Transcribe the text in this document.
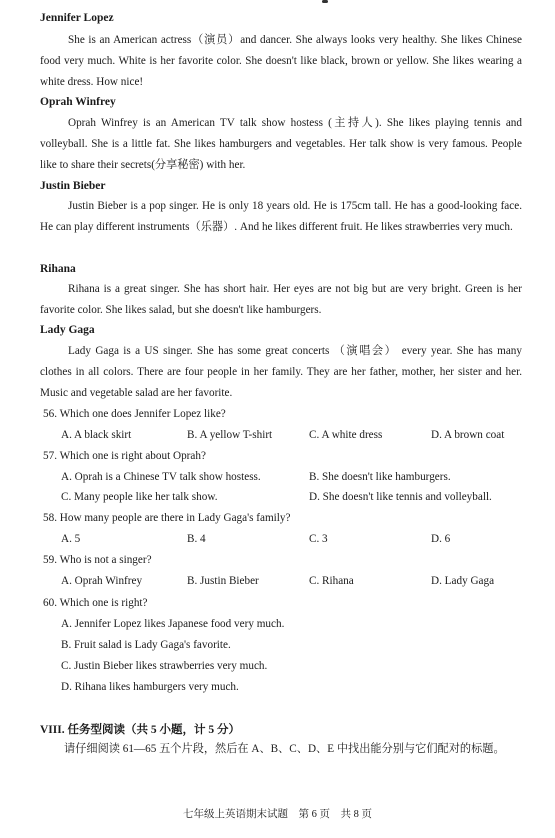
Jennifer Lopez
She is an American actress（演员）and dancer. She always looks very healthy. She likes Chinese food very much. White is her favorite color. She doesn't like black, brown or yellow. She likes wearing a white dress. How nice!
Oprah Winfrey
Oprah Winfrey is an American TV talk show hostess (主持人). She likes playing tennis and volleyball. She is a little fat. She likes hamburgers and vegetables. Her talk show is very famous. People like to share their secrets(分享秘密) with her.
Justin Bieber
Justin Bieber is a pop singer. He is only 18 years old. He is 175cm tall. He has a good-looking face. He can play different instruments（乐器）. And he likes different fruit. He likes strawberries very much.
Rihana
Rihana is a great singer. She has short hair. Her eyes are not big but are very bright. Green is her favorite color. She likes salad, but she doesn't like hamburgers.
Lady Gaga
Lady Gaga is a US singer. She has some great concerts （演唱会） every year. She has many clothes in all colors. There are four people in her family. They are her father, mother, her sister and her. Music and vegetable salad are her favorite.
56. Which one does Jennifer Lopez like?
A. A black skirt	B. A yellow T-shirt	C. A white dress	D. A brown coat
57. Which one is right about Oprah?
A. Oprah is a Chinese TV talk show hostess.	B. She doesn't like hamburgers.
C. Many people like her talk show.	D. She doesn't like tennis and volleyball.
58. How many people are there in Lady Gaga's family?
A. 5	B. 4	C. 3	D. 6
59. Who is not a singer?
A. Oprah Winfrey	B. Justin Bieber	C. Rihana	D. Lady Gaga
60. Which one is right?
A. Jennifer Lopez likes Japanese food very much.
B. Fruit salad is Lady Gaga's favorite.
C. Justin Bieber likes strawberries very much.
D. Rihana likes hamburgers very much.
VIII. 任务型阅读（共 5 小题，计 5 分）
请仔细阅读 61—65 五个片段，然后在 A、B、C、D、E 中找出能分别与它们配对的标题。
七年级上英语期末试题　第 6 页　共 8 页
